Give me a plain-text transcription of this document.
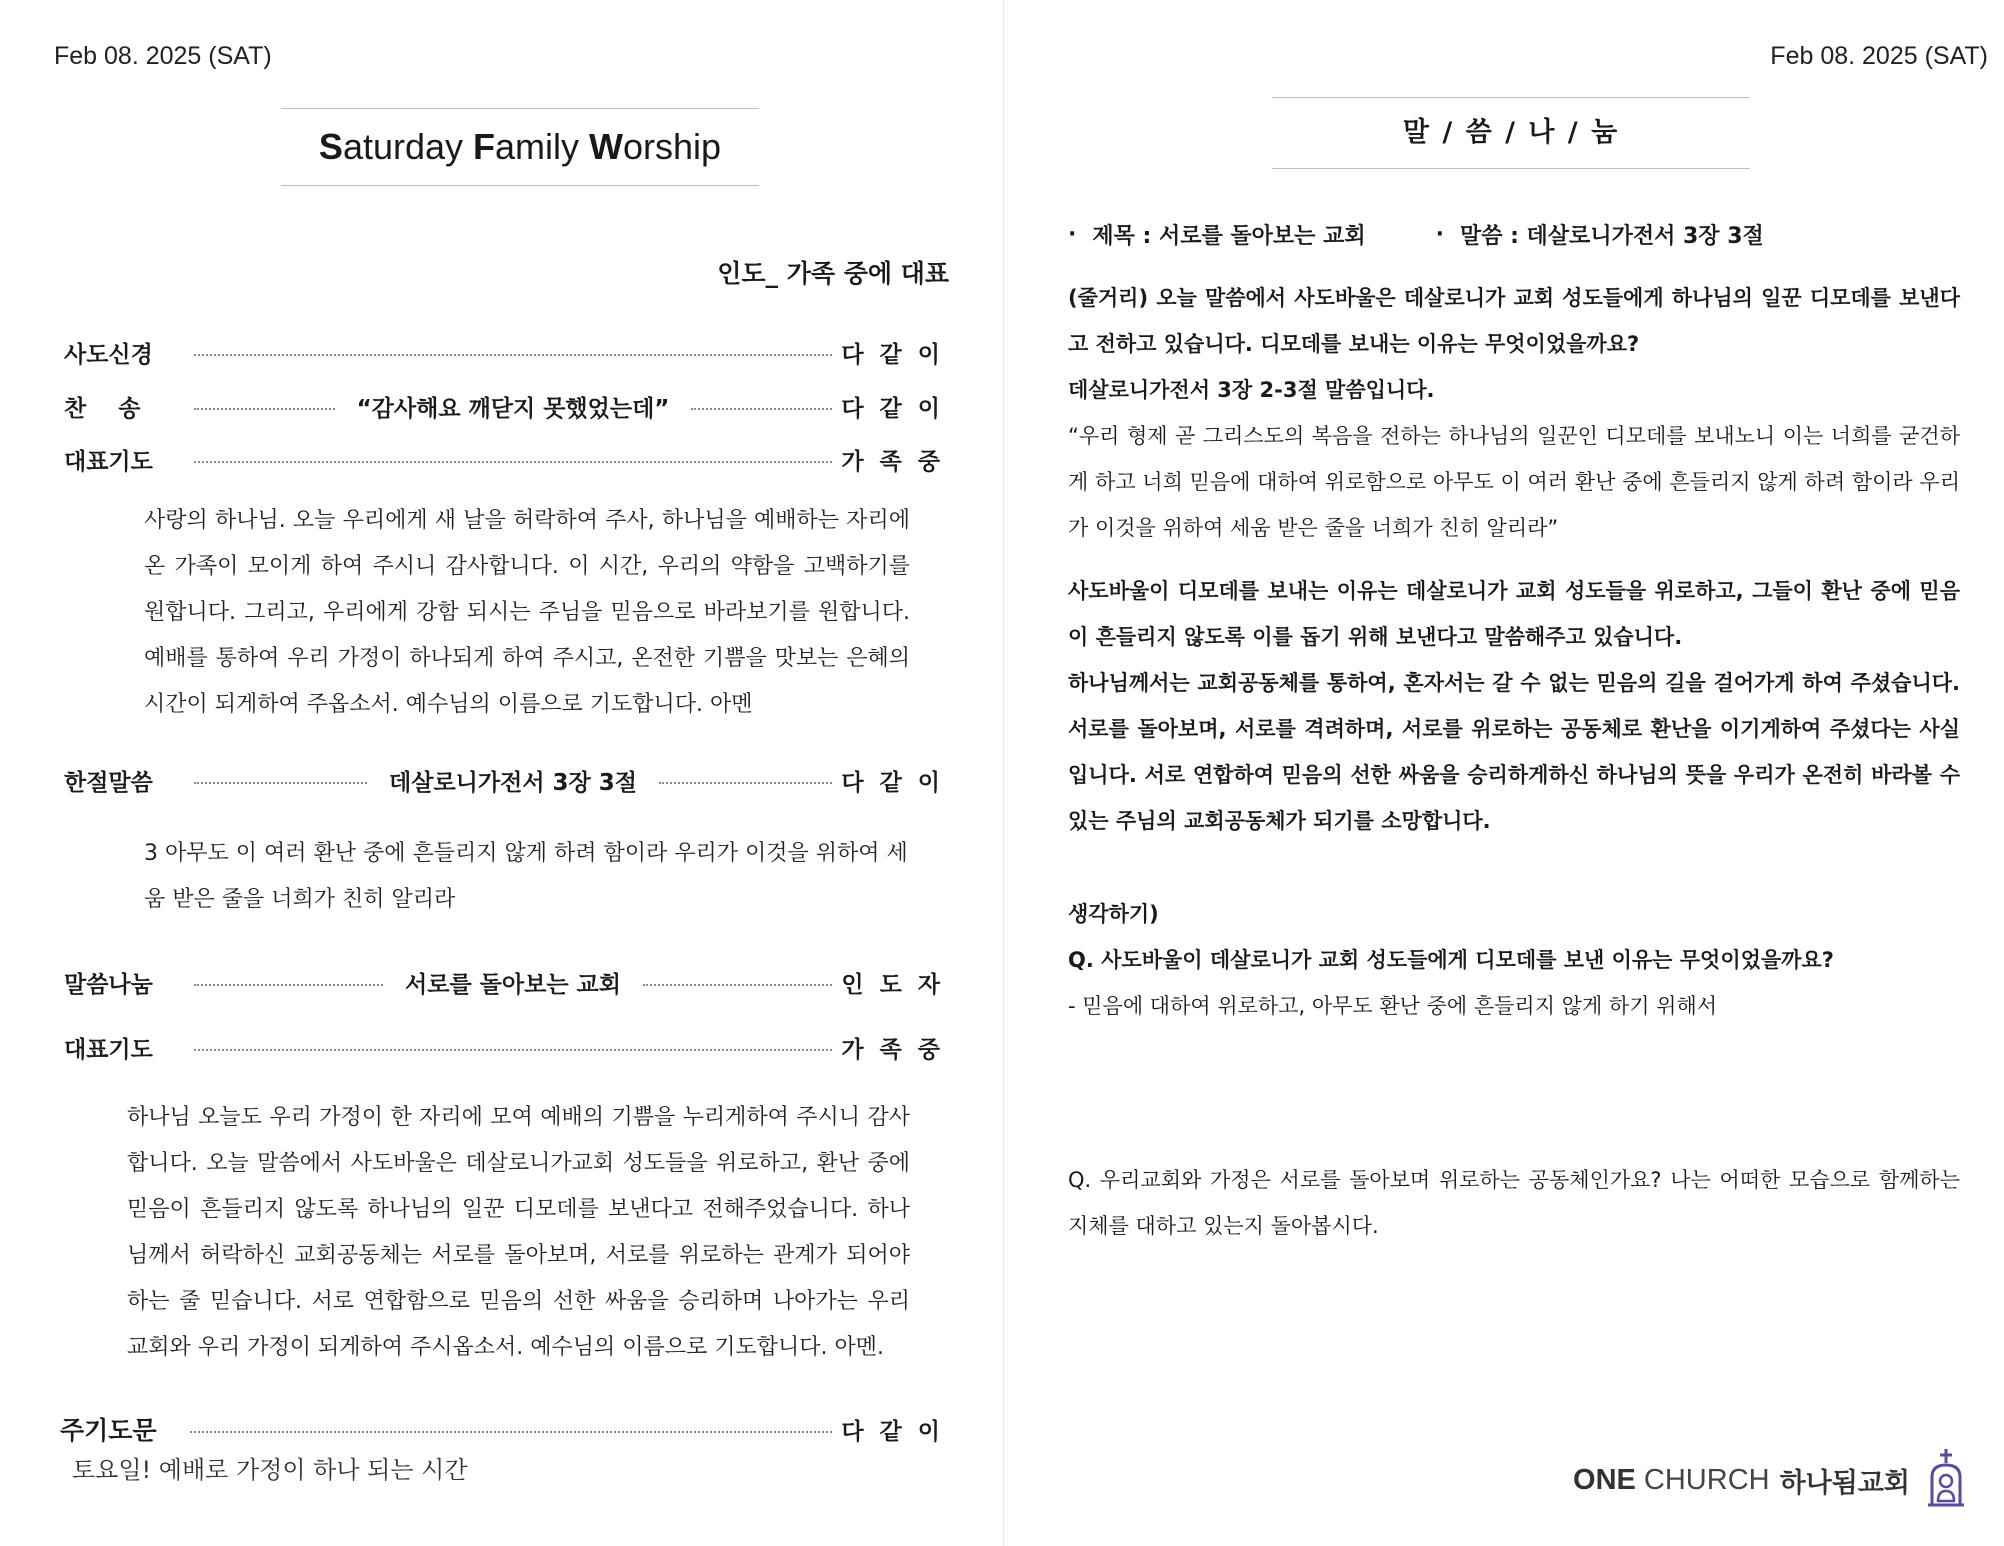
Feb 08. 2025 (SAT)
Saturday Family Worship
인도_ 가족 중에 대표
사도신경	다 같 이
찬송	“감사해요 깨닫지 못했었는데”	다 같 이
대표기도	가 족 중
사랑의 하나님. 오늘 우리에게 새 날을 허락하여 주사, 하나님을 예배하는 자리에 온 가족이 모이게 하여 주시니 감사합니다. 이 시간, 우리의 약함을 고백하기를 원합니다. 그리고, 우리에게 강함 되시는 주님을 믿음으로 바라보기를 원합니다. 예배를 통하여 우리 가정이 하나되게 하여 주시고, 온전한 기쁨을 맛보는 은혜의 시간이 되게하여 주옵소서. 예수님의 이름으로 기도합니다. 아멘
한절말씀	데살로니가전서 3장 3절	다 같 이
3 아무도 이 여러 환난 중에 흔들리지 않게 하려 함이라 우리가 이것을 위하여 세움 받은 줄을 너희가 친히 알리라
말씀나눔	서로를 돌아보는 교회	인 도 자
대표기도	가 족 중
하나님 오늘도 우리 가정이 한 자리에 모여 예배의 기쁨을 누리게하여 주시니 감사합니다. 오늘 말씀에서 사도바울은 데살로니가교회 성도들을 위로하고, 환난 중에 믿음이 흔들리지 않도록 하나님의 일꾼 디모데를 보낸다고 전해주었습니다. 하나님께서 허락하신 교회공동체는 서로를 돌아보며, 서로를 위로하는 관계가 되어야 하는 줄 믿습니다. 서로 연합함으로 믿음의 선한 싸움을 승리하며 나아가는 우리 교회와 우리 가정이 되게하여 주시옵소서. 예수님의 이름으로 기도합니다. 아멘.
주기도문	다 같 이
토요일! 예배로 가정이 하나 되는 시간
Feb 08. 2025 (SAT)
말 / 씀 / 나 / 눔
· 제목 : 서로를 돌아보는 교회	· 말씀 : 데살로니가전서 3장 3절
(줄거리) 오늘 말씀에서 사도바울은 데살로니가 교회 성도들에게 하나님의 일꾼 디모데를 보낸다고 전하고 있습니다. 디모데를 보내는 이유는 무엇이었을까요?
데살로니가전서 3장 2-3절 말씀입니다.
“우리 형제 곧 그리스도의 복음을 전하는 하나님의 일꾼인 디모데를 보내노니 이는 너희를 굳건하게 하고 너희 믿음에 대하여 위로함으로 아무도 이 여러 환난 중에 흔들리지 않게 하려 함이라 우리가 이것을 위하여 세움 받은 줄을 너희가 친히 알리라”
사도바울이 디모데를 보내는 이유는 데살로니가 교회 성도들을 위로하고, 그들이 환난 중에 믿음이 흔들리지 않도록 이를 돕기 위해 보낸다고 말씀해주고 있습니다.
하나님께서는 교회공동체를 통하여, 혼자서는 갈 수 없는 믿음의 길을 걸어가게 하여 주셨습니다. 서로를 돌아보며, 서로를 격려하며, 서로를 위로하는 공동체로 환난을 이기게하여 주셨다는 사실입니다. 서로 연합하여 믿음의 선한 싸움을 승리하게하신 하나님의 뜻을 우리가 온전히 바라볼 수 있는 주님의 교회공동체가 되기를 소망합니다.
생각하기)
Q. 사도바울이 데살로니가 교회 성도들에게 디모데를 보낸 이유는 무엇이었을까요?
- 믿음에 대하여 위로하고, 아무도 환난 중에 흔들리지 않게 하기 위해서
Q. 우리교회와 가정은 서로를 돌아보며 위로하는 공동체인가요? 나는 어떠한 모습으로 함께하는 지체를 대하고 있는지 돌아봅시다.
ONE CHURCH 하나됨교회
